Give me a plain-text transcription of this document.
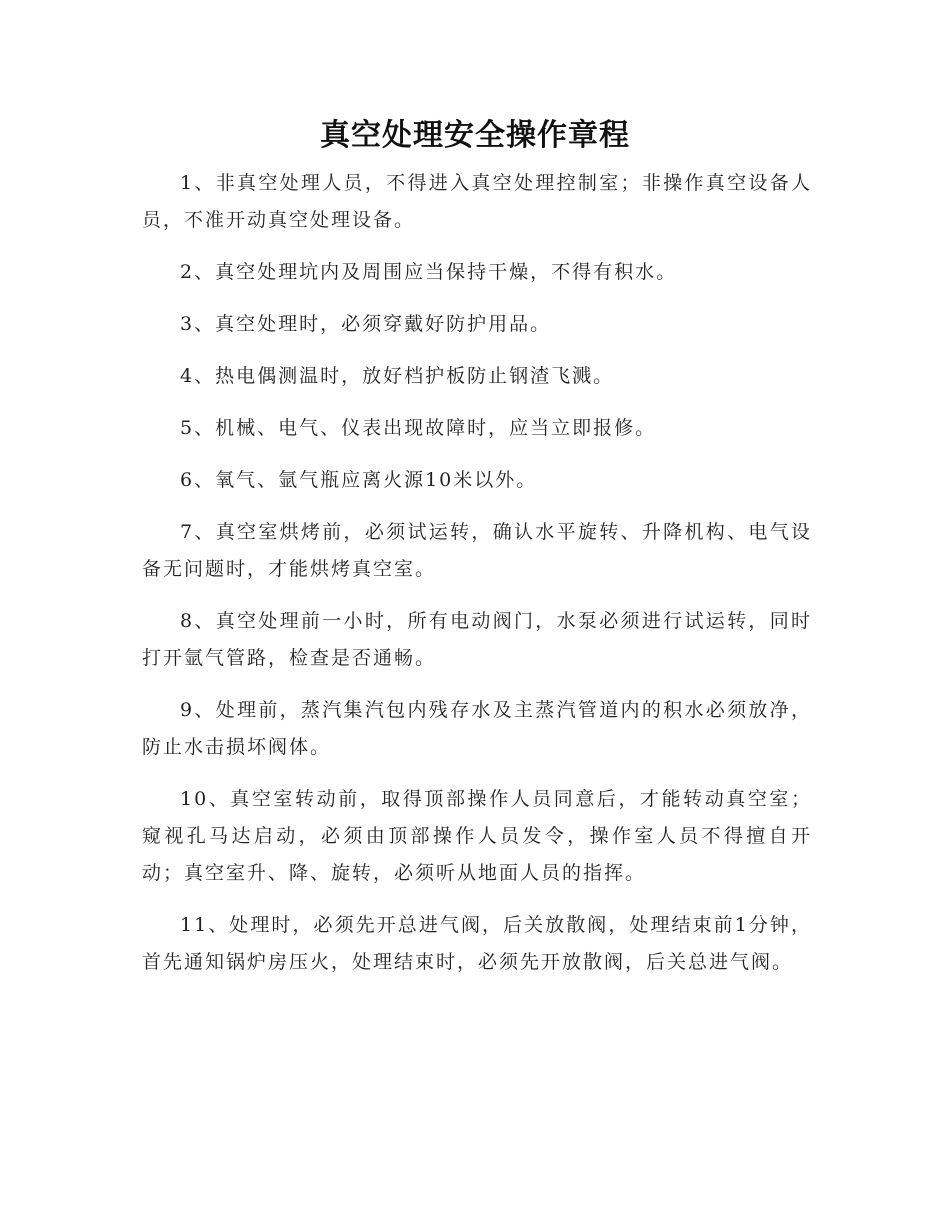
真空处理安全操作章程

1、非真空处理人员，不得进入真空处理控制室；非操作真空设备人员，不准开动真空处理设备。

2、真空处理坑内及周围应当保持干燥，不得有积水。

3、真空处理时，必须穿戴好防护用品。

4、热电偶测温时，放好档护板防止钢渣飞溅。

5、机械、电气、仪表出现故障时，应当立即报修。

6、氧气、氩气瓶应离火源10米以外。

7、真空室烘烤前，必须试运转，确认水平旋转、升降机构、电气设备无问题时，才能烘烤真空室。

8、真空处理前一小时，所有电动阀门，水泵必须进行试运转，同时打开氩气管路，检查是否通畅。

9、处理前，蒸汽集汽包内残存水及主蒸汽管道内的积水必须放净，防止水击损坏阀体。

10、真空室转动前，取得顶部操作人员同意后，才能转动真空室；窥视孔马达启动，必须由顶部操作人员发令，操作室人员不得擅自开动；真空室升、降、旋转，必须听从地面人员的指挥。

11、处理时，必须先开总进气阀，后关放散阀，处理结束前1分钟，首先通知锅炉房压火，处理结束时，必须先开放散阀，后关总进气阀。
